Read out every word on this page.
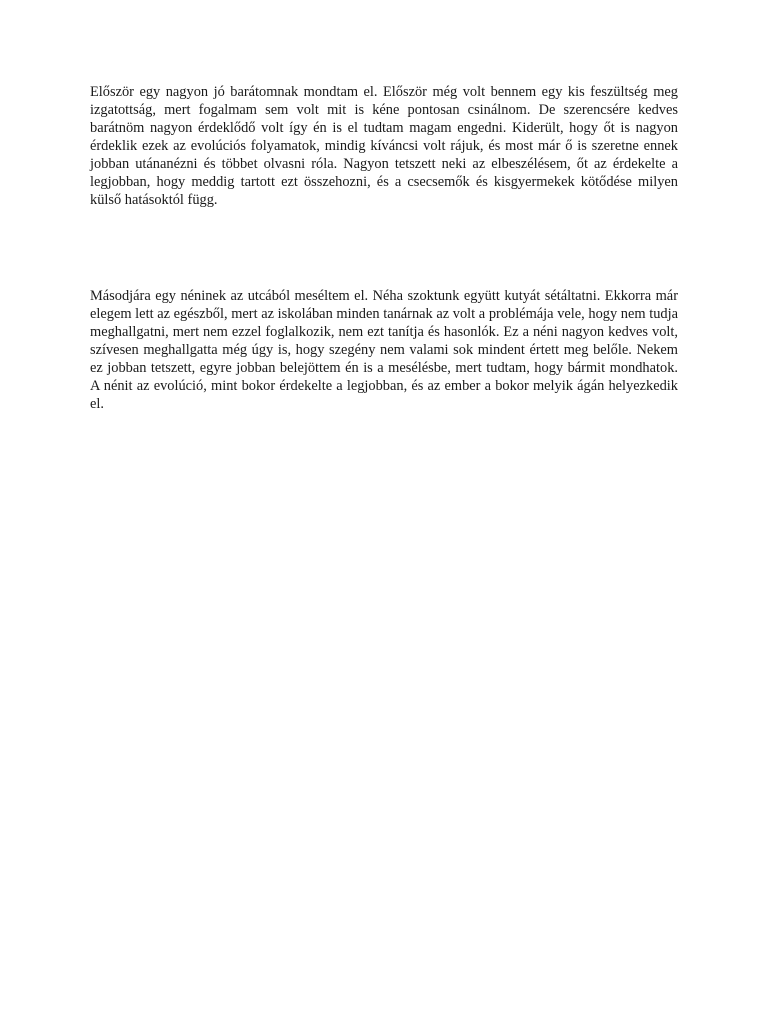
Először egy nagyon jó barátomnak mondtam el. Először még volt bennem egy kis feszültség meg izgatottság, mert fogalmam sem volt mit is kéne pontosan csinálnom. De szerencsére kedves barátnöm nagyon érdeklődő volt így én is el tudtam magam engedni. Kiderült, hogy őt is nagyon érdeklik ezek az evolúciós folyamatok, mindig kíváncsi volt rájuk, és most már ő is szeretne ennek jobban utánanézni és többet olvasni róla. Nagyon tetszett neki az elbeszélésem, őt az érdekelte a legjobban, hogy meddig tartott ezt összehozni, és a csecsemők és kisgyermekek kötődése milyen külső hatásoktól függ.

Másodjára egy néninek az utcából meséltem el. Néha szoktunk együtt kutyát sétáltatni. Ekkorra már elegem lett az egészből, mert az iskolában minden tanárnak az volt a problémája vele, hogy nem tudja meghallgatni, mert nem ezzel foglalkozik, nem ezt tanítja és hasonlók. Ez a néni nagyon kedves volt, szívesen meghallgatta még úgy is, hogy szegény nem valami sok mindent értett meg belőle. Nekem ez jobban tetszett, egyre jobban belejöttem én is a mesélésbe, mert tudtam, hogy bármit mondhatok. A nénit az evolúció, mint bokor érdekelte a legjobban, és az ember a bokor melyik ágán helyezkedik el.
